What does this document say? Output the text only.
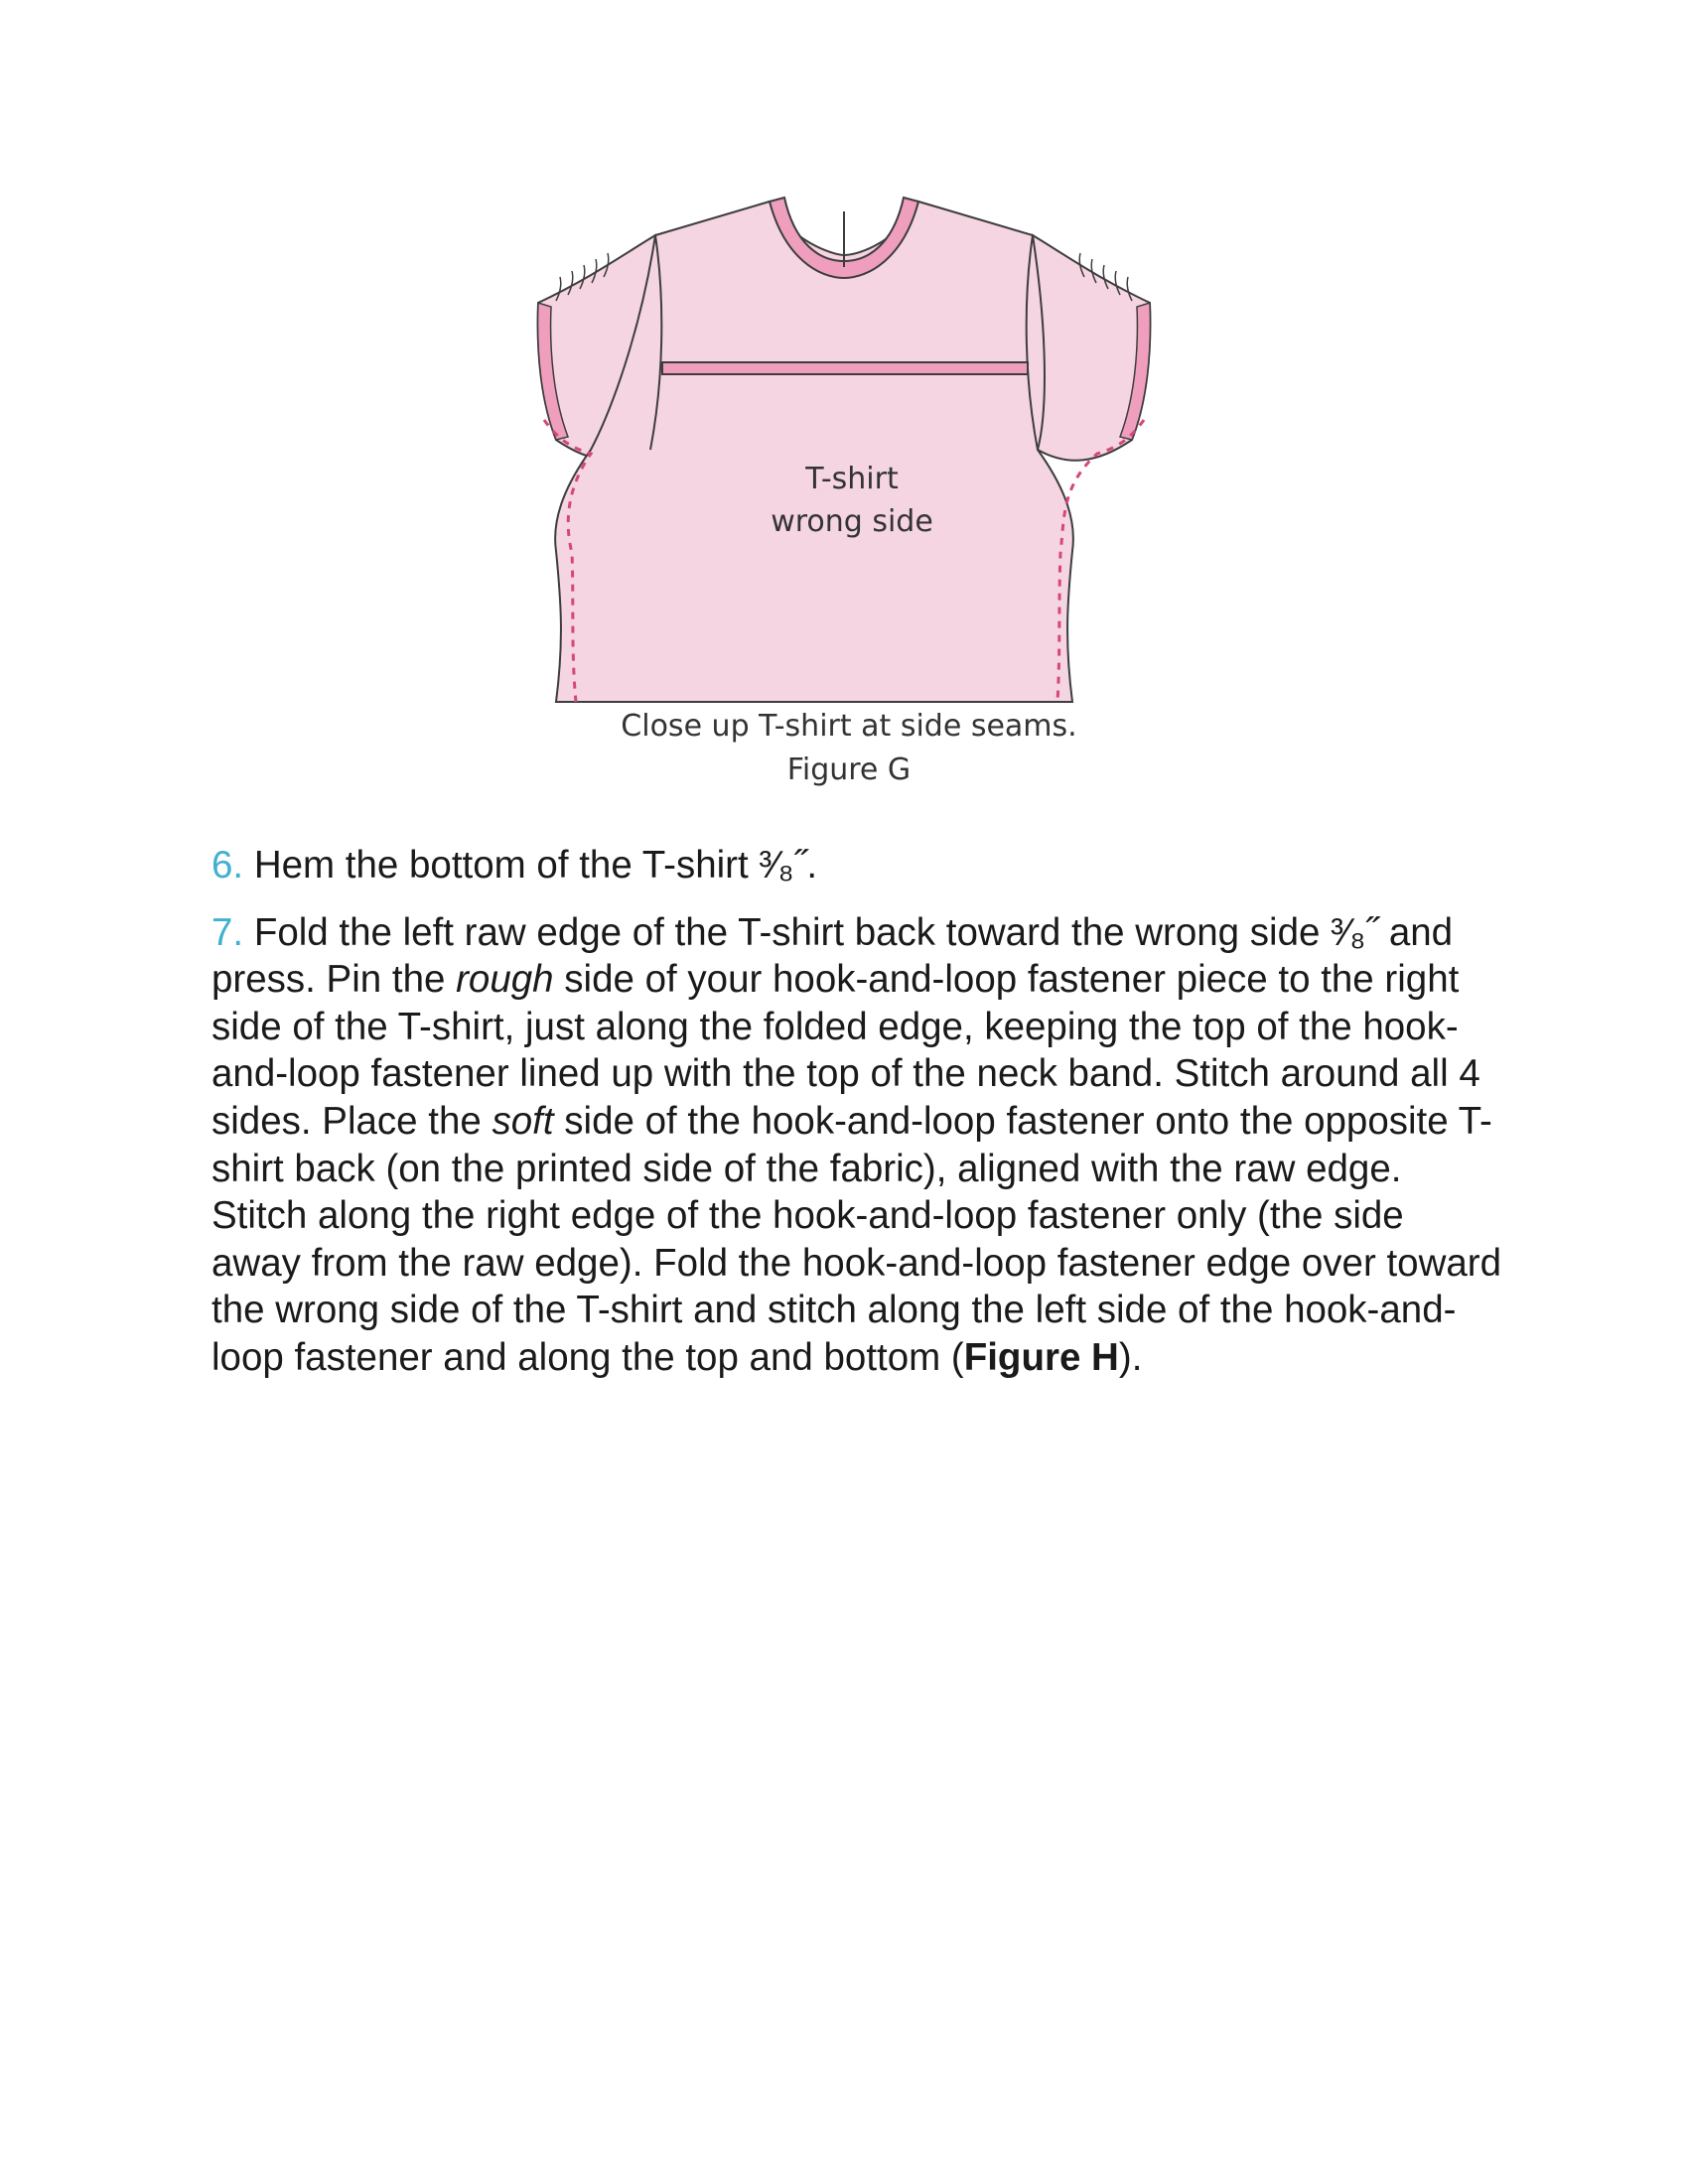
T-shirt
wrong side
Close up T-shirt at side seams.
Figure G

6. Hem the bottom of the T-shirt ³⁄₈˝.

7. Fold the left raw edge of the T-shirt back toward the wrong side ³⁄₈˝ and press. Pin the rough side of your hook-and-loop fastener piece to the right side of the T-shirt, just along the folded edge, keeping the top of the hook-and-loop fastener lined up with the top of the neck band. Stitch around all 4 sides. Place the soft side of the hook-and-loop fastener onto the opposite T-shirt back (on the printed side of the fabric), aligned with the raw edge. Stitch along the right edge of the hook-and-loop fastener only (the side away from the raw edge). Fold the hook-and-loop fastener edge over toward the wrong side of the T-shirt and stitch along the left side of the hook-and-loop fastener and along the top and bottom (Figure H).
